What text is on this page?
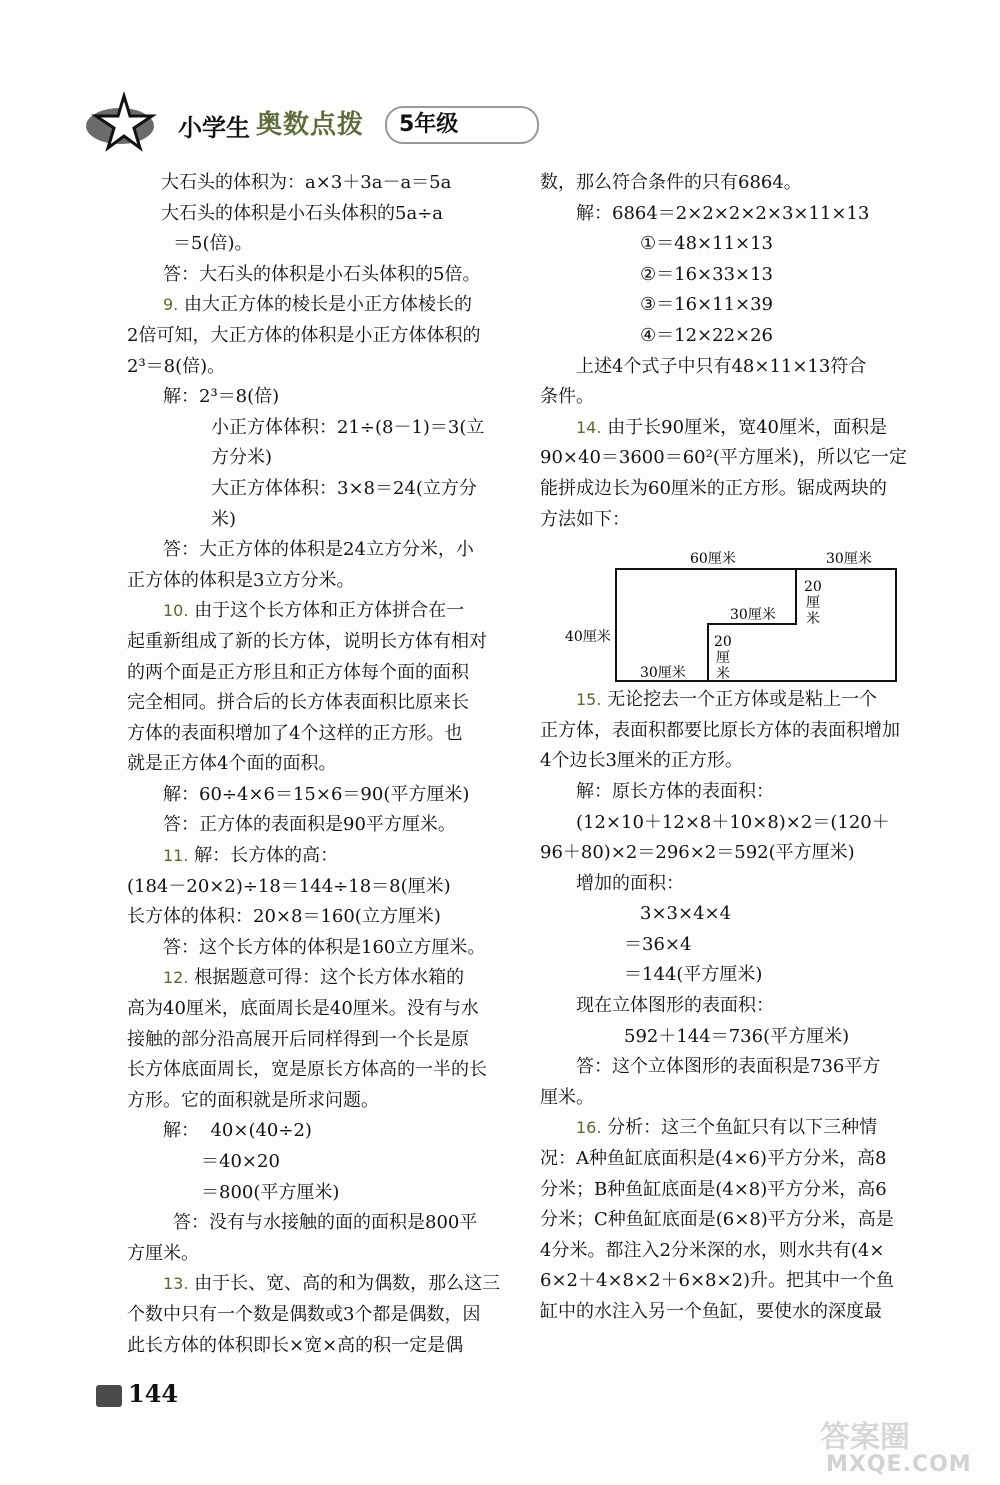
小学生 奥数点拨	5年级

大石头的体积为：a×3＋3a－a＝5a

大石头的体积是小石头体积的5a÷a

＝5(倍)。

答：大石头的体积是小石头体积的5倍。

9. 由大正方体的棱长是小正方体棱长的

2倍可知，大正方体的体积是小正方体体积的

2³＝8(倍)。

解：2³＝8(倍)

小正方体体积：21÷(8－1)＝3(立

方分米)

大正方体体积：3×8＝24(立方分

米)

答：大正方体的体积是24立方分米，小

正方体的体积是3立方分米。

10. 由于这个长方体和正方体拼合在一

起重新组成了新的长方体，说明长方体有相对

的两个面是正方形且和正方体每个面的面积

完全相同。拼合后的长方体表面积比原来长

方体的表面积增加了4个这样的正方形。也

就是正方体4个面的面积。

解：60÷4×6＝15×6＝90(平方厘米)

答：正方体的表面积是90平方厘米。

11. 解：长方体的高：

(184－20×2)÷18＝144÷18＝8(厘米)

长方体的体积：20×8＝160(立方厘米)

答：这个长方体的体积是160立方厘米。

12. 根据题意可得：这个长方体水箱的

高为40厘米，底面周长是40厘米。没有与水

接触的部分沿高展开后同样得到一个长是原

长方体底面周长，宽是原长方体高的一半的长

方形。它的面积就是所求问题。

解： 40×(40÷2)

＝40×20

＝800(平方厘米)

答：没有与水接触的面的面积是800平

方厘米。

13. 由于长、宽、高的和为偶数，那么这三

个数中只有一个数是偶数或3个都是偶数，因

此长方体的体积即长×宽×高的积一定是偶

数，那么符合条件的只有6864。

解：6864＝2×2×2×2×3×11×13

①＝48×11×13

②＝16×33×13

③＝16×11×39

④＝12×22×26

上述4个式子中只有48×11×13符合

条件。

14. 由于长90厘米，宽40厘米，面积是

90×40＝3600＝60²(平方厘米)，所以它一定

能拼成边长为60厘米的正方形。锯成两块的

方法如下：

60厘米	30厘米
40厘米
30厘米
30厘米
20
厘
米
20
厘
米

15. 无论挖去一个正方体或是粘上一个

正方体，表面积都要比原长方体的表面积增加

4个边长3厘米的正方形。

解：原长方体的表面积：

(12×10＋12×8＋10×8)×2＝(120＋

96＋80)×2＝296×2＝592(平方厘米)

增加的面积：

3×3×4×4

＝36×4

＝144(平方厘米)

现在立体图形的表面积：

592＋144＝736(平方厘米)

答：这个立体图形的表面积是736平方

厘米。

16. 分析：这三个鱼缸只有以下三种情

况：A种鱼缸底面积是(4×6)平方分米，高8

分米；B种鱼缸底面是(4×8)平方分米，高6

分米；C种鱼缸底面是(6×8)平方分米，高是

4分米。都注入2分米深的水，则水共有(4×

6×2＋4×8×2＋6×8×2)升。把其中一个鱼

缸中的水注入另一个鱼缸，要使水的深度最

144
答案圈
MXQE.COM
